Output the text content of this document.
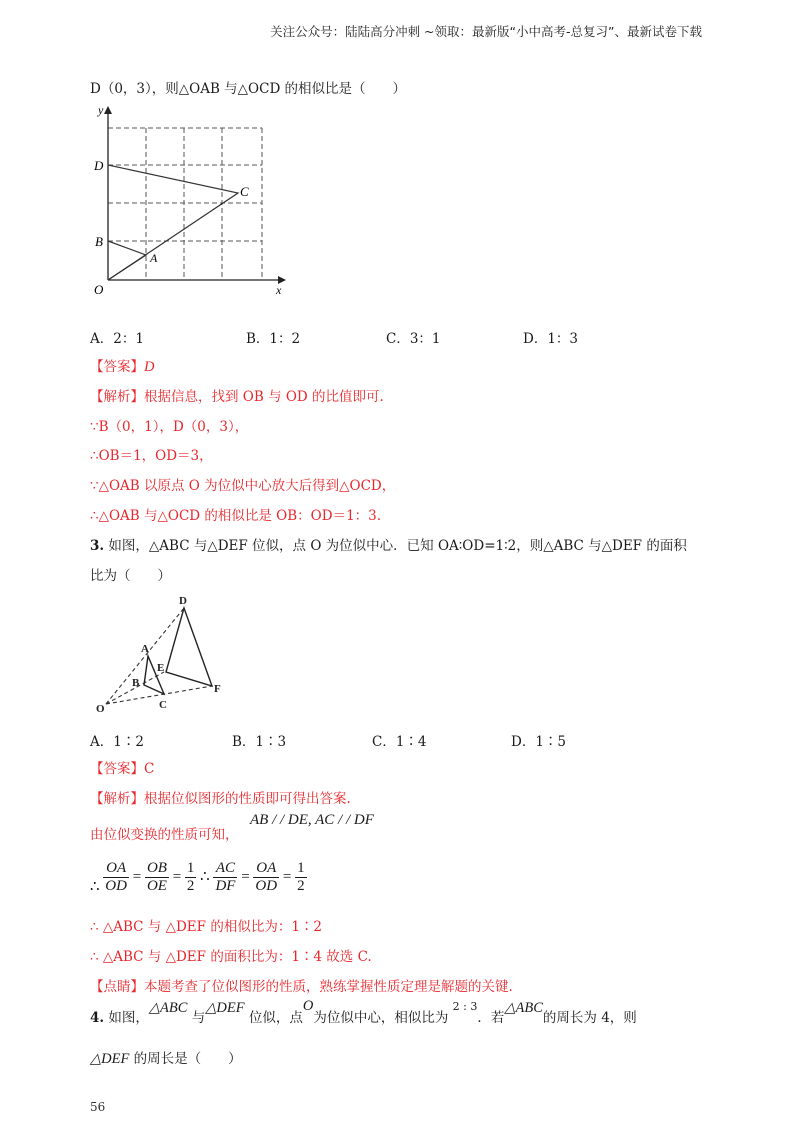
关注公众号：陆陆高分冲刺 ~领取：最新版“小中高考-总复习”、最新试卷下载
D（0，3），则△OAB 与△OCD 的相似比是（　　）
y
x
O
D
C
B
A
A．2：1	B．1：2	C．3：1	D．1：3
【答案】D
【解析】根据信息，找到 OB 与 OD 的比值即可.
∵B（0，1），D（0，3），
∴OB＝1，OD＝3，
∵△OAB 以原点 O 为位似中心放大后得到△OCD，
∴△OAB 与△OCD 的相似比是 OB：OD＝1：3.
3. 如图，△ABC 与△DEF 位似，点 O 为位似中心．已知 OA∶OD=1∶2，则△ABC 与△DEF 的面积
比为（　　）
D
A
E
B	F
C
O
A．1∶2	B．1∶3	C．1∶4	D．1∶5
【答案】C
【解析】根据位似图形的性质即可得出答案.
由位似变换的性质可知，
AB / / DE, AC / / DF
∴ $\frac{OA}{OD} = \frac{OB}{OE} = \frac{1}{2}$ ∴ $\frac{AC}{DF} = \frac{OA}{OD} = \frac{1}{2}$
∴ △ABC 与 △DEF 的相似比为：1∶2
∴ △ABC 与 △DEF 的面积比为：1∶4 故选 C.
【点睛】本题考查了位似图形的性质，熟练掌握性质定理是解题的关键.
4. 如图，△ABC 与△DEF 位似，点O为位似中心，相似比为 $^{2 : 3}$．若△ABC的周长为 4，则
△DEF 的周长是（　　）
56
